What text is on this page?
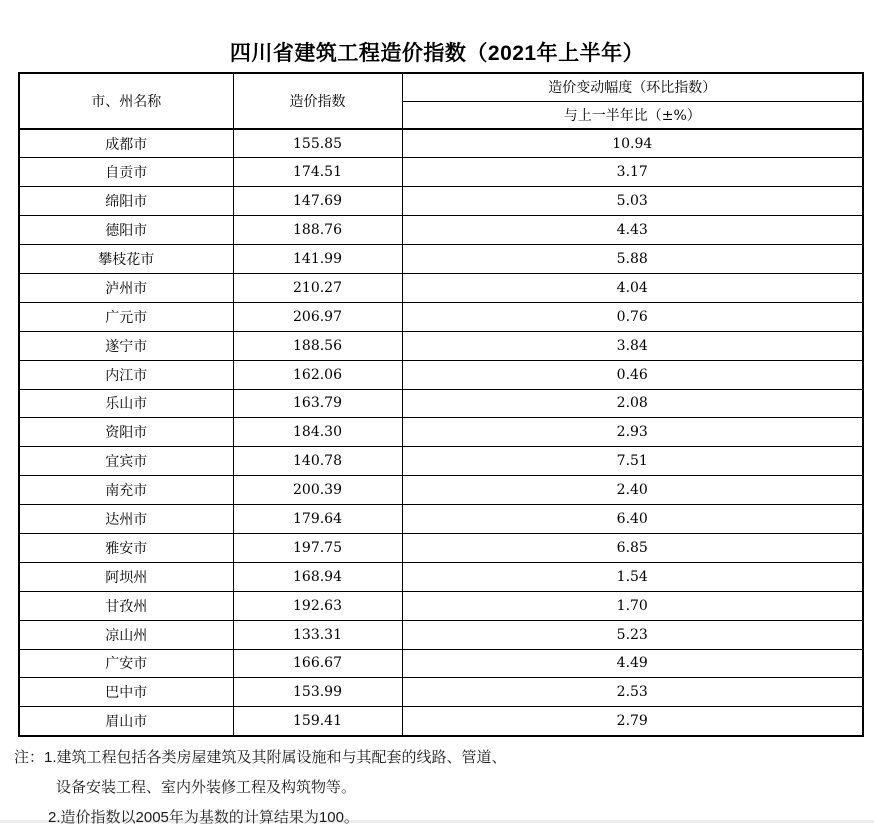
四川省建筑工程造价指数（2021年上半年）
市、州名称	造价指数	造价变动幅度（环比指数）
		与上一半年比（±%）
成都市	155.85	10.94
自贡市	174.51	3.17
绵阳市	147.69	5.03
德阳市	188.76	4.43
攀枝花市	141.99	5.88
泸州市	210.27	4.04
广元市	206.97	0.76
遂宁市	188.56	3.84
内江市	162.06	0.46
乐山市	163.79	2.08
资阳市	184.30	2.93
宜宾市	140.78	7.51
南充市	200.39	2.40
达州市	179.64	6.40
雅安市	197.75	6.85
阿坝州	168.94	1.54
甘孜州	192.63	1.70
凉山州	133.31	5.23
广安市	166.67	4.49
巴中市	153.99	2.53
眉山市	159.41	2.79

注：1.建筑工程包括各类房屋建筑及其附属设施和与其配套的线路、管道、

设备安装工程、室内外装修工程及构筑物等。

2.造价指数以2005年为基数的计算结果为100。
